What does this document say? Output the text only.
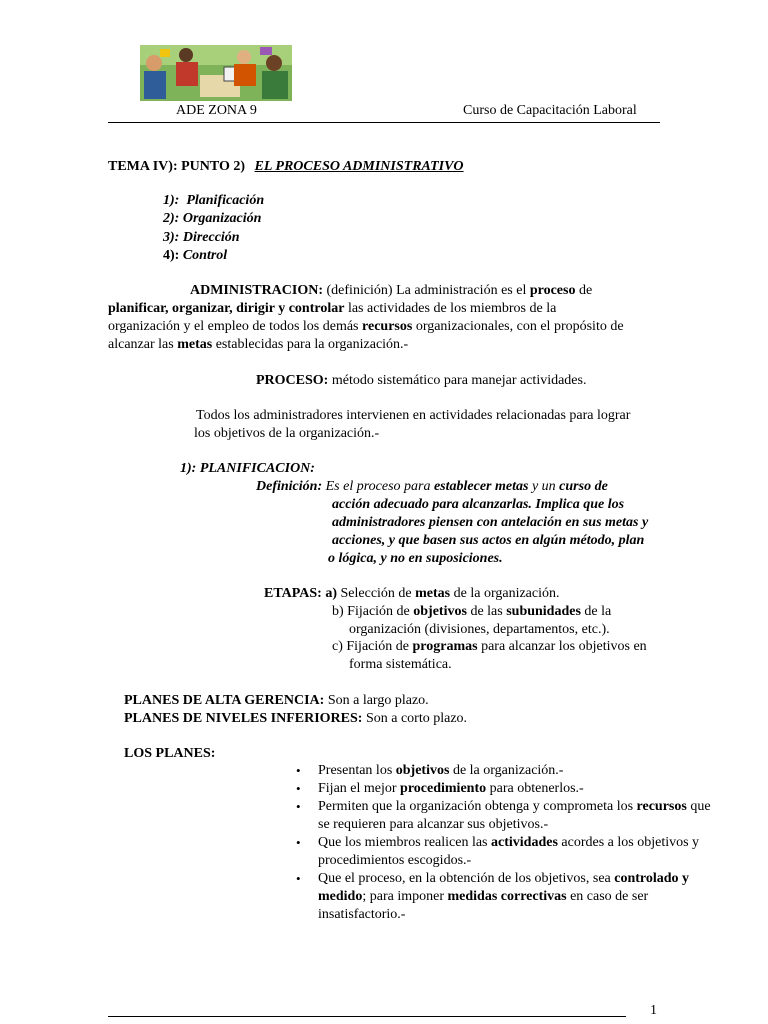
ADE ZONA 9	Curso de Capacitación Laboral
TEMA IV): PUNTO 2) EL PROCESO ADMINISTRATIVO
1): Planificación
2): Organización
3): Dirección
4): Control
ADMINISTRACION: (definición) La administración es el proceso de
planificar, organizar, dirigir y controlar las actividades de los miembros de la
organización y el empleo de todos los demás recursos organizacionales, con el propósito de
alcanzar las metas establecidas para la organización.-
PROCESO: método sistemático para manejar actividades.
Todos los administradores intervienen en actividades relacionadas para lograr
los objetivos de la organización.-
1): PLANIFICACION:
Definición: Es el proceso para establecer metas y un curso de
acción adecuado para alcanzarlas. Implica que los
administradores piensen con antelación en sus metas y
acciones, y que basen sus actos en algún método, plan
o lógica, y no en suposiciones.
ETAPAS: a) Selección de metas de la organización.
b) Fijación de objetivos de las subunidades de la
organización (divisiones, departamentos, etc.).
c) Fijación de programas para alcanzar los objetivos en
forma sistemática.
PLANES DE ALTA GERENCIA: Son a largo plazo.
PLANES DE NIVELES INFERIORES: Son a corto plazo.
LOS PLANES:
• Presentan los objetivos de la organización.-
• Fijan el mejor procedimiento para obtenerlos.-
• Permiten que la organización obtenga y comprometa los recursos que se requieren para alcanzar sus objetivos.-
• Que los miembros realicen las actividades acordes a los objetivos y procedimientos escogidos.-
• Que el proceso, en la obtención de los objetivos, sea controlado y medido; para imponer medidas correctivas en caso de ser insatisfactorio.-
1
